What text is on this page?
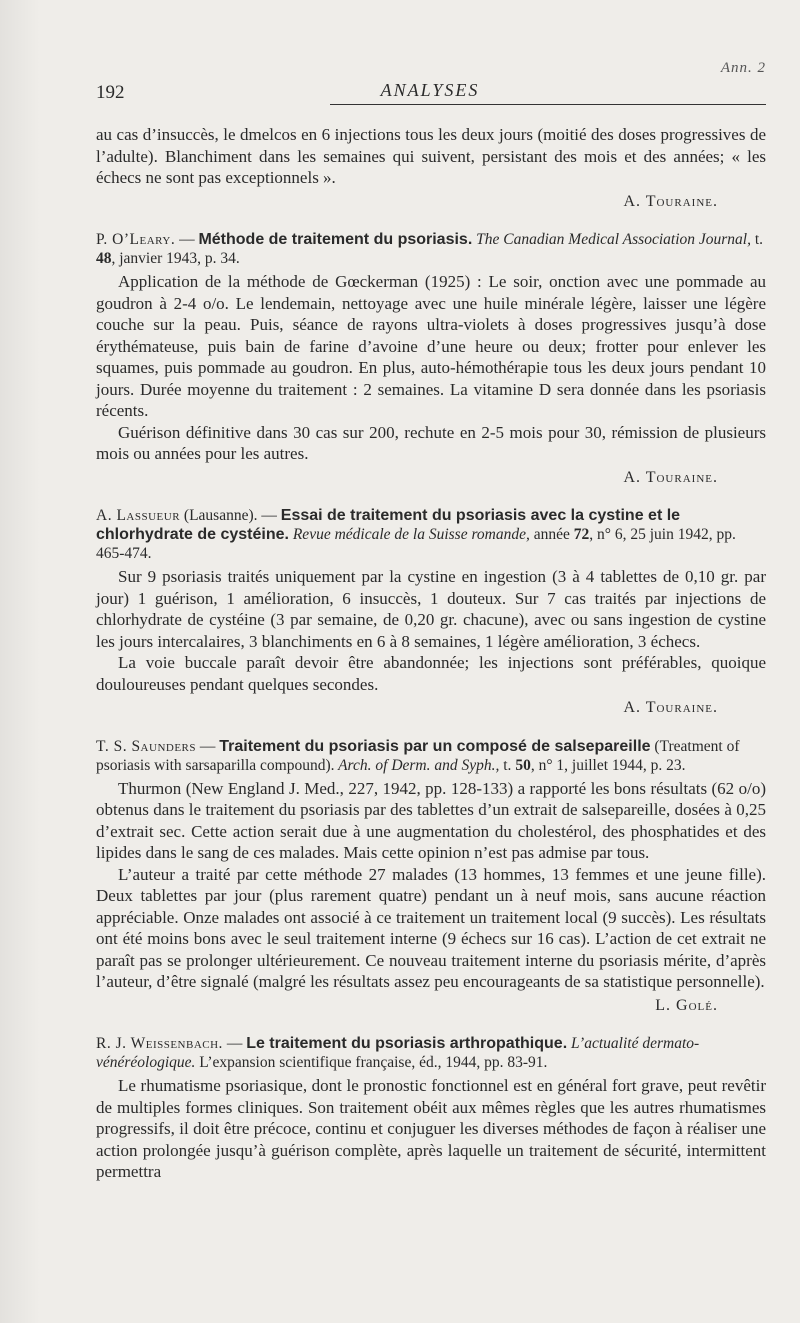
Ann. 2
192	ANALYSES

au cas d’insuccès, le dmelcos en 6 injections tous les deux jours (moitié des doses progressives de l’adulte). Blanchiment dans les semaines qui suivent, persistant des mois et des années; « les échecs ne sont pas exceptionnels ».

A. Touraine.
P. O’Leary. — Méthode de traitement du psoriasis. The Canadian Medical Association Journal, t. 48, janvier 1943, p. 34.

Application de la méthode de Gœckerman (1925) : Le soir, onction avec une pommade au goudron à 2-4 o/o. Le lendemain, nettoyage avec une huile minérale légère, laisser une légère couche sur la peau. Puis, séance de rayons ultra-violets à doses progressives jusqu’à dose érythémateuse, puis bain de farine d’avoine d’une heure ou deux; frotter pour enlever les squames, puis pommade au goudron. En plus, auto-hémothérapie tous les deux jours pendant 10 jours. Durée moyenne du traitement : 2 semaines. La vitamine D sera donnée dans les psoriasis récents.

Guérison définitive dans 30 cas sur 200, rechute en 2-5 mois pour 30, rémission de plusieurs mois ou années pour les autres.

A. Touraine.
A. Lassueur (Lausanne). — Essai de traitement du psoriasis avec la cystine et le chlorhydrate de cystéine. Revue médicale de la Suisse romande, année 72, n° 6, 25 juin 1942, pp. 465-474.

Sur 9 psoriasis traités uniquement par la cystine en ingestion (3 à 4 tablettes de 0,10 gr. par jour) 1 guérison, 1 amélioration, 6 insuccès, 1 douteux. Sur 7 cas traités par injections de chlorhydrate de cystéine (3 par semaine, de 0,20 gr. chacune), avec ou sans ingestion de cystine les jours intercalaires, 3 blanchiments en 6 à 8 semaines, 1 légère amélioration, 3 échecs.

La voie buccale paraît devoir être abandonnée; les injections sont préférables, quoique douloureuses pendant quelques secondes.

A. Touraine.
T. S. Saunders — Traitement du psoriasis par un composé de salsepareille (Treatment of psoriasis with sarsaparilla compound). Arch. of Derm. and Syph., t. 50, n° 1, juillet 1944, p. 23.

Thurmon (New England J. Med., 227, 1942, pp. 128-133) a rapporté les bons résultats (62 o/o) obtenus dans le traitement du psoriasis par des tablettes d’un extrait de salsepareille, dosées à 0,25 d’extrait sec. Cette action serait due à une augmentation du cholestérol, des phosphatides et des lipides dans le sang de ces malades. Mais cette opinion n’est pas admise par tous.

L’auteur a traité par cette méthode 27 malades (13 hommes, 13 femmes et une jeune fille). Deux tablettes par jour (plus rarement quatre) pendant un à neuf mois, sans aucune réaction appréciable. Onze malades ont associé à ce traitement un traitement local (9 succès). Les résultats ont été moins bons avec le seul traitement interne (9 échecs sur 16 cas). L’action de cet extrait ne paraît pas se prolonger ultérieurement. Ce nouveau traitement interne du psoriasis mérite, d’après l’auteur, d’être signalé (malgré les résultats assez peu encourageants de sa statistique personnelle).

L. Golé.
R. J. Weissenbach. — Le traitement du psoriasis arthropathique. L’actualité dermato-vénéréologique. L’expansion scientifique française, éd., 1944, pp. 83-91.

Le rhumatisme psoriasique, dont le pronostic fonctionnel est en général fort grave, peut revêtir de multiples formes cliniques. Son traitement obéit aux mêmes règles que les autres rhumatismes progressifs, il doit être précoce, continu et conjuguer les diverses méthodes de façon à réaliser une action prolongée jusqu’à guérison complète, après laquelle un traitement de sécurité, intermittent permettra
